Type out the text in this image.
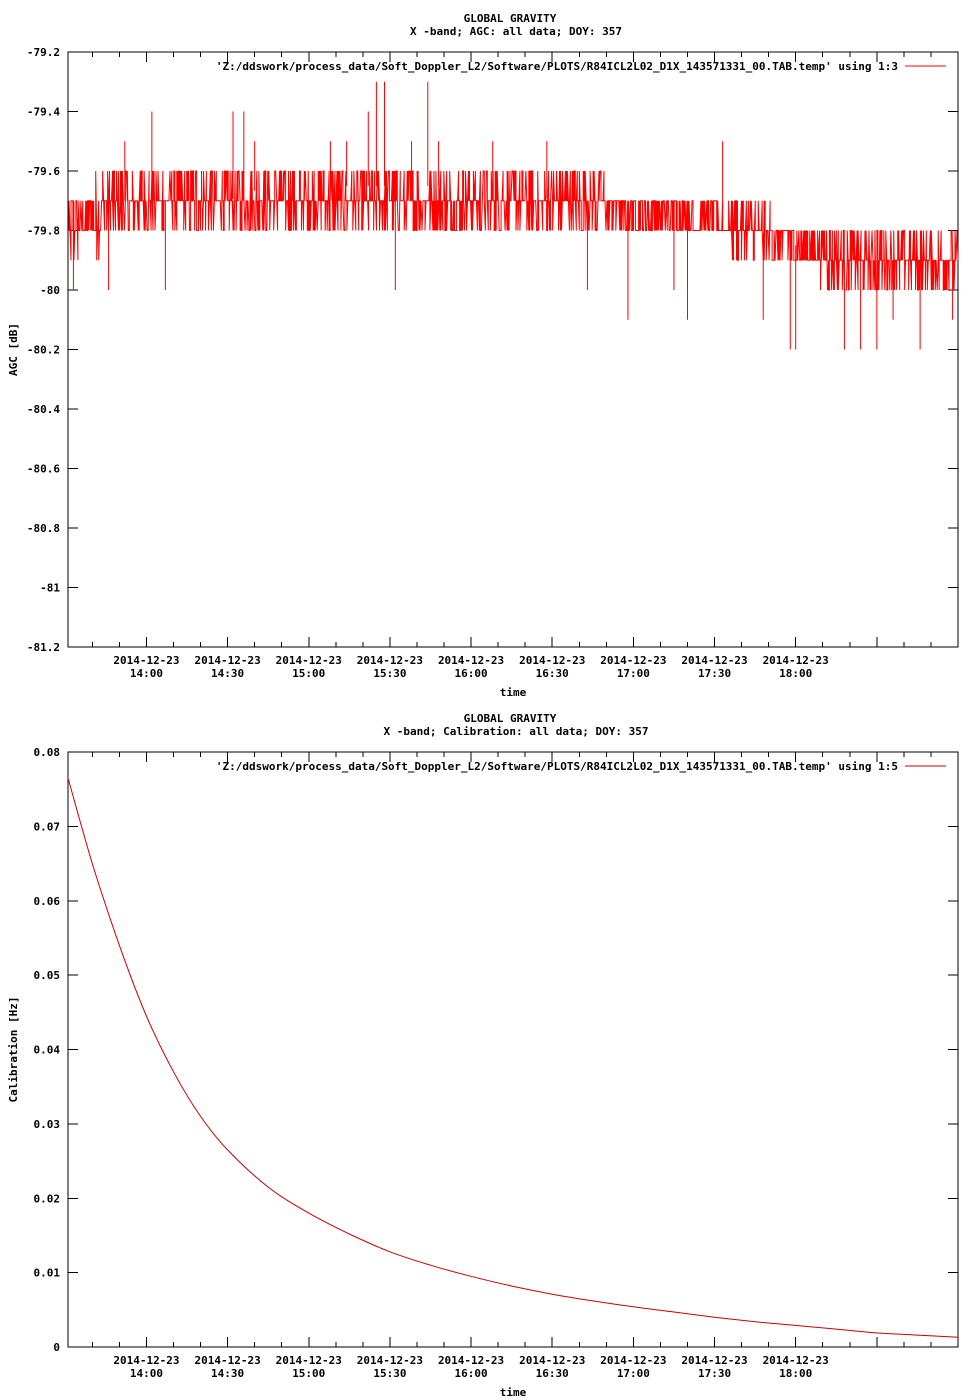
GLOBAL GRAVITY
X -band; AGC: all data; DOY: 357
-79.2
-79.4
-79.6
-79.8
-80
-80.2
-80.4
-80.6
-80.8
-81
-81.2
2014-12-23
14:00
2014-12-23
14:30
2014-12-23
15:00
2014-12-23
15:30
2014-12-23
16:00
2014-12-23
16:30
2014-12-23
17:00
2014-12-23
17:30
2014-12-23
18:00
time
AGC [dB]
'Z:/ddswork/process_data/Soft_Doppler_L2/Software/PLOTS/R84ICL2L02_D1X_143571331_00.TAB.temp' using 1:3
GLOBAL GRAVITY
X -band; Calibration: all data; DOY: 357
0
0.01
0.02
0.03
0.04
0.05
0.06
0.07
0.08
2014-12-23
14:00
2014-12-23
14:30
2014-12-23
15:00
2014-12-23
15:30
2014-12-23
16:00
2014-12-23
16:30
2014-12-23
17:00
2014-12-23
17:30
2014-12-23
18:00
time
Calibration [Hz]
'Z:/ddswork/process_data/Soft_Doppler_L2/Software/PLOTS/R84ICL2L02_D1X_143571331_00.TAB.temp' using 1:5
